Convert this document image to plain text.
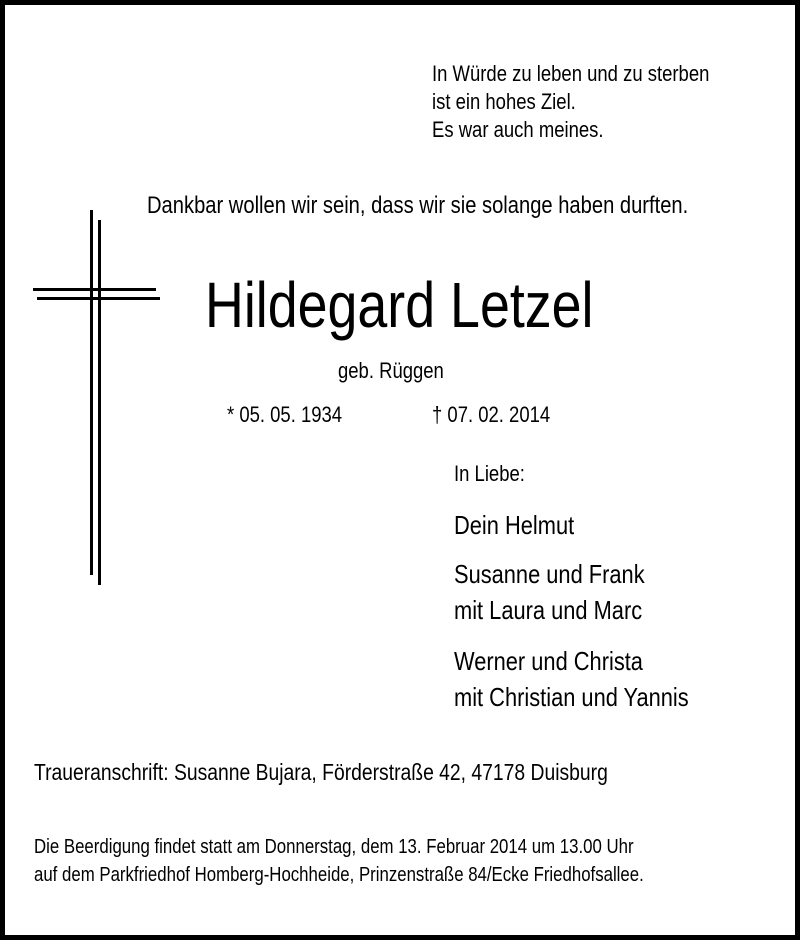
In Würde zu leben und zu sterben
ist ein hohes Ziel.
Es war auch meines.
Dankbar wollen wir sein, dass wir sie solange haben durften.
Hildegard Letzel
geb. Rüggen
* 05. 05. 1934	† 07. 02. 2014
In Liebe:
Dein Helmut
Susanne und Frank
mit Laura und Marc
Werner und Christa
mit Christian und Yannis
Traueranschrift: Susanne Bujara, Förderstraße 42, 47178 Duisburg
Die Beerdigung findet statt am Donnerstag, dem 13. Februar 2014 um 13.00 Uhr
auf dem Parkfriedhof Homberg-Hochheide, Prinzenstraße 84/Ecke Friedhofsallee.
